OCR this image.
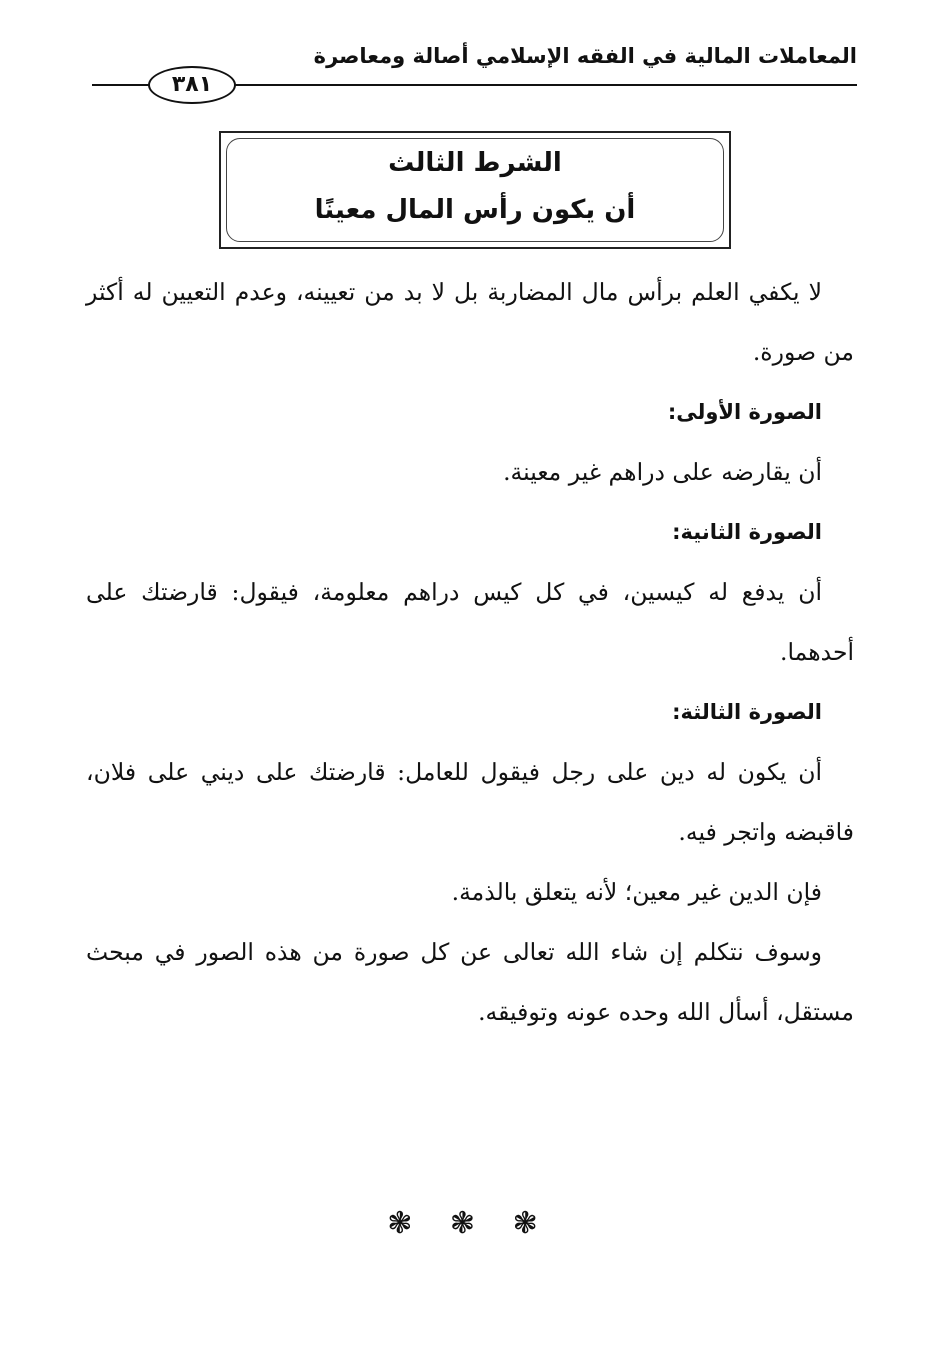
المعاملات المالية في الفقه الإسلامي أصالة ومعاصرة
٣٨١
الشرط الثالث
أن يكون رأس المال معينًا

لا يكفي العلم برأس مال المضاربة بل لا بد من تعيينه، وعدم التعيين له أكثر من صورة.

الصورة الأولى:

أن يقارضه على دراهم غير معينة.

الصورة الثانية:

أن يدفع له كيسين، في كل كيس دراهم معلومة، فيقول: قارضتك على أحدهما.

الصورة الثالثة:

أن يكون له دين على رجل فيقول للعامل: قارضتك على ديني على فلان، فاقبضه واتجر فيه.

فإن الدين غير معين؛ لأنه يتعلق بالذمة.

وسوف نتكلم إن شاء الله تعالى عن كل صورة من هذه الصور في مبحث مستقل، أسأل الله وحده عونه وتوفيقه.

❃ ❃ ❃
